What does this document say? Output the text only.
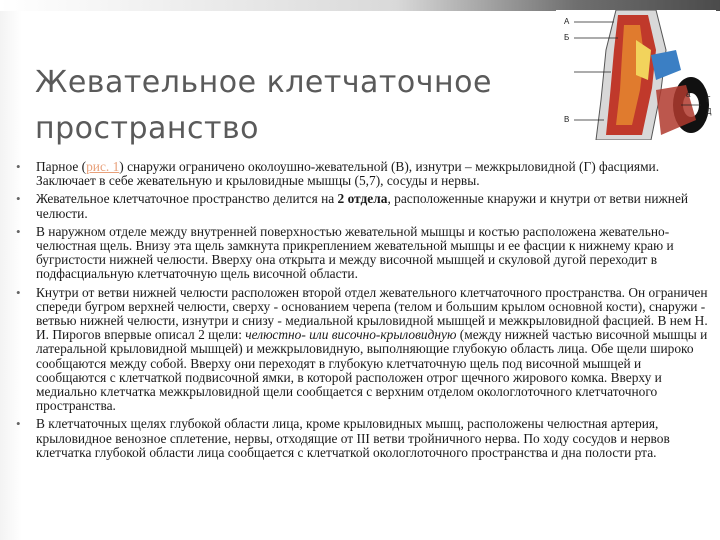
Жевательное клетчаточное пространство
А
Б
В
Г
Д
а
• Парное (рис. 1) снаружи ограничено околоушно-жевательной (В), изнутри – межкрыловидной (Г) фасциями. Заключает в себе жевательную и крыловидные мышцы (5,7), сосуды и нервы.
• Жевательное клетчаточное пространство делится на 2 отдела, расположенные кнаружи и кнутри от ветви нижней челюсти.
• В наружном отделе между внутренней поверхностью жевательной мышцы и костью расположена жевательно-челюстная щель. Внизу эта щель замкнута прикреплением жевательной мышцы и ее фасции к нижнему краю и бугристости нижней челюсти. Вверху она открыта и между височной мышцей и скуловой дугой переходит в подфасциальную клетчаточную щель височной области.
• Кнутри от ветви нижней челюсти расположен второй отдел жевательного клетчаточного пространства. Он ограничен спереди бугром верхней челюсти, сверху - основанием черепа (телом и большим крылом основной кости), снаружи - ветвью нижней челюсти, изнутри и снизу - медиальной крыловидной мышцей и межкрыловидной фасцией. В нем Н. И. Пирогов впервые описал 2 щели: челюстно- или височно-крыловидную (между нижней частью височной мышцы и латеральной крыловидной мышцей) и межкрыловидную, выполняющие глубокую область лица. Обе щели широко сообщаются между собой. Вверху они переходят в глубокую клетчаточную щель под височной мышцей и сообщаются с клетчаткой подвисочной ямки, в которой расположен отрог щечного жирового комка. Вверху и медиально клетчатка межкрыловидной щели сообщается с верхним отделом окологлоточного клетчаточного пространства.
• В клетчаточных щелях глубокой области лица, кроме крыловидных мышц, расположены челюстная артерия, крыловидное венозное сплетение, нервы, отходящие от III ветви тройничного нерва. По ходу сосудов и нервов клетчатка глубокой области лица сообщается с клетчаткой окологлоточного пространства и дна полости рта.
